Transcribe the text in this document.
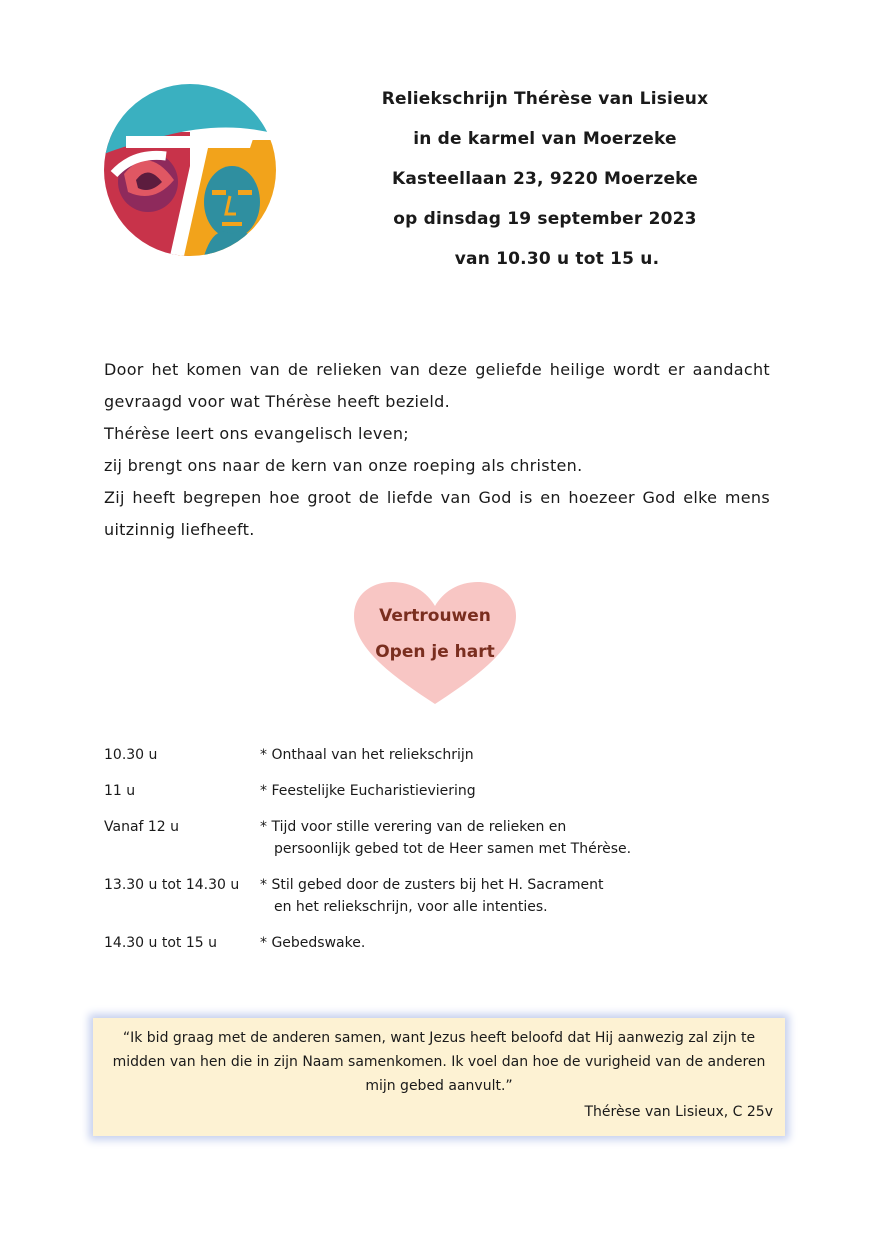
Reliekschrijn Thérèse van Lisieux
in de karmel van Moerzeke
Kasteellaan 23, 9220 Moerzeke
op dinsdag 19 september 2023
van 10.30 u tot 15 u.

Door het komen van de relieken van deze geliefde heilige wordt er aandacht gevraagd voor wat Thérèse heeft bezield.

Thérèse leert ons evangelisch leven;

zij brengt ons naar de kern van onze roeping als christen.

Zij heeft begrepen hoe groot de liefde van God is en hoezeer God elke mens uitzinnig liefheeft.

Vertrouwen
Open je hart
10.30 u	* Onthaal van het reliekschrijn
11 u	* Feestelijke Eucharistieviering
Vanaf 12 u	* Tijd voor stille verering van de relieken en
persoonlijk gebed tot de Heer samen met Thérèse.
13.30 u tot 14.30 u	* Stil gebed door de zusters bij het H. Sacrament
en het reliekschrijn, voor alle intenties.
14.30 u tot 15 u	* Gebedswake.
“Ik bid graag met de anderen samen, want Jezus heeft beloofd dat Hij aanwezig zal zijn te midden van hen die in zijn Naam samenkomen. Ik voel dan hoe de vurigheid van de anderen mijn gebed aanvult.”
Thérèse van Lisieux, C 25v
